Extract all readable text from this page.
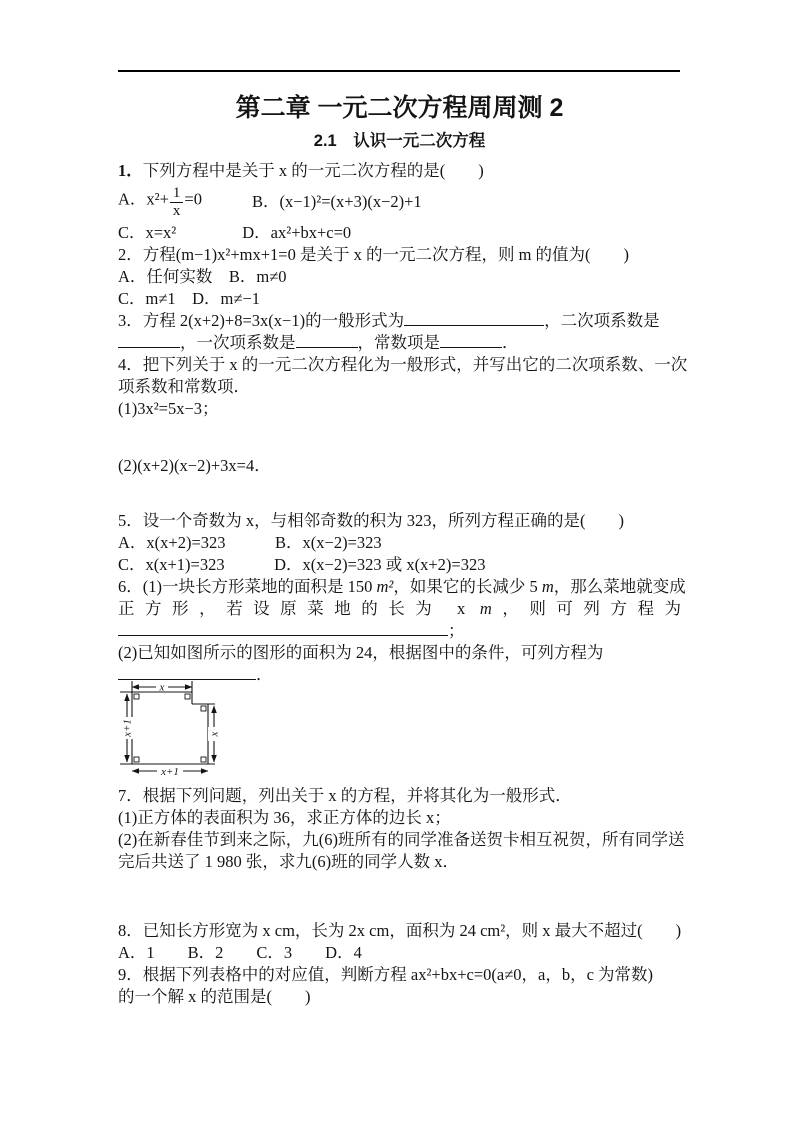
第二章 一元二次方程周周测 2
2.1　认识一元二次方程
1．下列方程中是关于 x 的一元二次方程的是(　　)
A．$x^2+ \frac{1}{x} =0$	B．(x−1)²=(x+3)(x−2)+1
C．x=x²　　　　D．ax²+bx+c=0
2．方程(m−1)x²+mx+1=0 是关于 x 的一元二次方程，则 m 的值为(　　)
A．任何实数　B．m≠0
C．m≠1　D．m≠−1
3．方程 2(x+2)+8=3x(x−1)的一般形式为	，二次项系数是
，一次项系数是	，常数项是	．
4．把下列关于 x 的一元二次方程化为一般形式，并写出它的二次项系数、一次
项系数和常数项．
(1)3x²=5x−3；
(2)(x+2)(x−2)+3x=4．
5．设一个奇数为 x，与相邻奇数的积为 323，所列方程正确的是(　　)
A．x(x+2)=323　　　B．x(x−2)=323
C．x(x+1)=323　　　D．x(x−2)=323 或 x(x+2)=323
6．(1)一块长方形菜地的面积是 150 m²，如果它的长减少 5 m，那么菜地就变成
正方形，若设原菜地的长为 x m，则可列方程为
；
(2)已知如图所示的图形的面积为 24，根据图中的条件，可列方程为
．
x
x+1	x
x+1
7．根据下列问题，列出关于 x 的方程，并将其化为一般形式．
(1)正方体的表面积为 36，求正方体的边长 x；
(2)在新春佳节到来之际，九(6)班所有的同学准备送贺卡相互祝贺，所有同学送
完后共送了 1 980 张，求九(6)班的同学人数 x．
8．已知长方形宽为 x cm，长为 2x cm，面积为 24 cm²，则 x 最大不超过(　　)
A．1　　B．2　　C．3　　D．4
9．根据下列表格中的对应值，判断方程 ax²+bx+c=0(a≠0，a，b，c 为常数)
的一个解 x 的范围是(　　)
